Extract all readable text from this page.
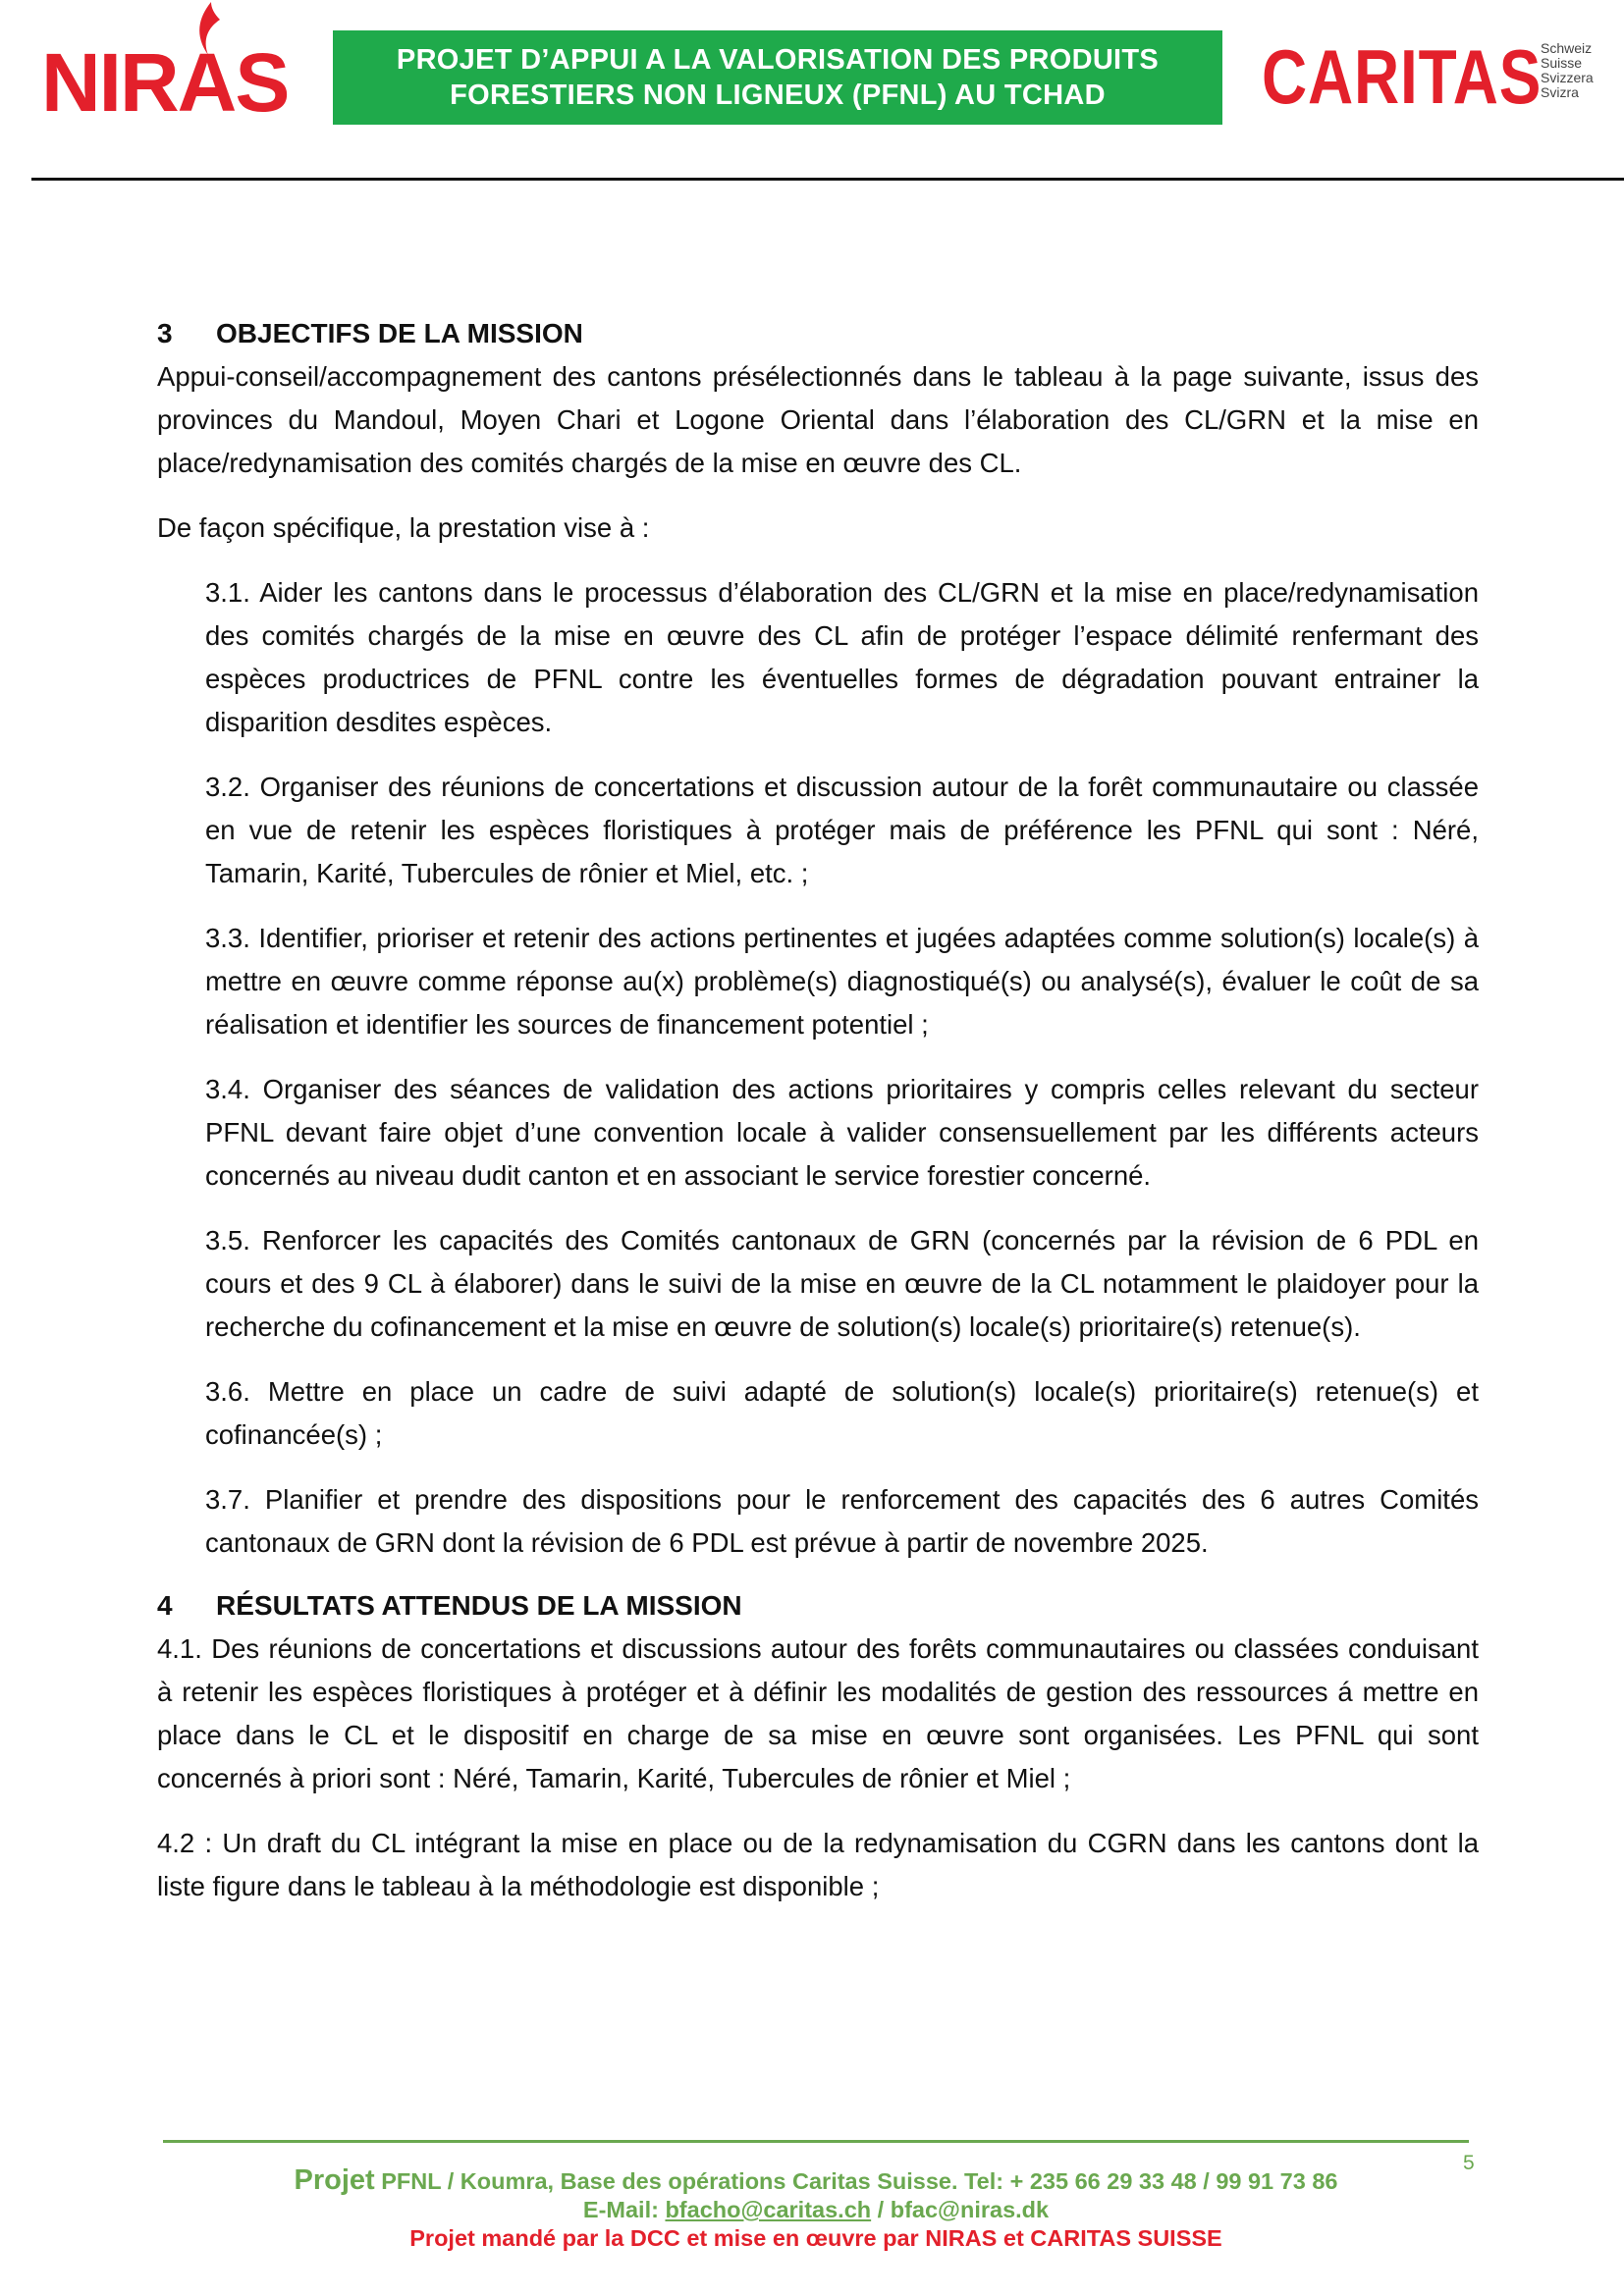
NIRAS	PROJET D’APPUI A LA VALORISATION DES PRODUITS
FORESTIERS NON LIGNEUX (PFNL) AU TCHAD CARITAS
Schweiz
Suisse
Svizzera
Svizra
3	OBJECTIFS DE LA MISSION

Appui-conseil/accompagnement des cantons présélectionnés dans le tableau à la page suivante, issus des provinces du Mandoul, Moyen Chari et Logone Oriental dans l’élaboration des CL/GRN et la mise en place/redynamisation des comités chargés de la mise en œuvre des CL.

De façon spécifique, la prestation vise à :

3.1. Aider les cantons dans le processus d’élaboration des CL/GRN et la mise en place/redynamisation des comités chargés de la mise en œuvre des CL afin de protéger l’espace délimité renfermant des espèces productrices de PFNL contre les éventuelles formes de dégradation pouvant entrainer la disparition desdites espèces.

3.2. Organiser des réunions de concertations et discussion autour de la forêt communautaire ou classée en vue de retenir les espèces floristiques à protéger mais de préférence les PFNL qui sont : Néré, Tamarin, Karité, Tubercules de rônier et Miel, etc. ;

3.3. Identifier, prioriser et retenir des actions pertinentes et jugées adaptées comme solution(s) locale(s) à mettre en œuvre comme réponse au(x) problème(s) diagnostiqué(s) ou analysé(s), évaluer le coût de sa réalisation et identifier les sources de financement potentiel ;

3.4. Organiser des séances de validation des actions prioritaires y compris celles relevant du secteur PFNL devant faire objet d’une convention locale à valider consensuellement par les différents acteurs concernés au niveau dudit canton et en associant le service forestier concerné.

3.5. Renforcer les capacités des Comités cantonaux de GRN (concernés par la révision de 6 PDL en cours et des 9 CL à élaborer) dans le suivi de la mise en œuvre de la CL notamment le plaidoyer pour la recherche du cofinancement et la mise en œuvre de solution(s) locale(s) prioritaire(s) retenue(s).

3.6. Mettre en place un cadre de suivi adapté de solution(s) locale(s) prioritaire(s) retenue(s) et cofinancée(s) ;

3.7. Planifier et prendre des dispositions pour le renforcement des capacités des 6 autres Comités cantonaux de GRN dont la révision de 6 PDL est prévue à partir de novembre 2025.

4	RÉSULTATS ATTENDUS DE LA MISSION

4.1. Des réunions de concertations et discussions autour des forêts communautaires ou classées conduisant à retenir les espèces floristiques à protéger et à définir les modalités de gestion des ressources á mettre en place dans le CL et le dispositif en charge de sa mise en œuvre sont organisées. Les PFNL qui sont concernés à priori sont : Néré, Tamarin, Karité, Tubercules de rônier et Miel ;

4.2 : Un draft du CL intégrant la mise en place ou de la redynamisation du CGRN dans les cantons dont la liste figure dans le tableau à la méthodologie est disponible ;

5
Projet PFNL / Koumra, Base des opérations Caritas Suisse. Tel: + 235 66 29 33 48 / 99 91 73 86
E-Mail: bfacho@caritas.ch / bfac@niras.dk
Projet mandé par la DCC et mise en œuvre par NIRAS et CARITAS SUISSE
